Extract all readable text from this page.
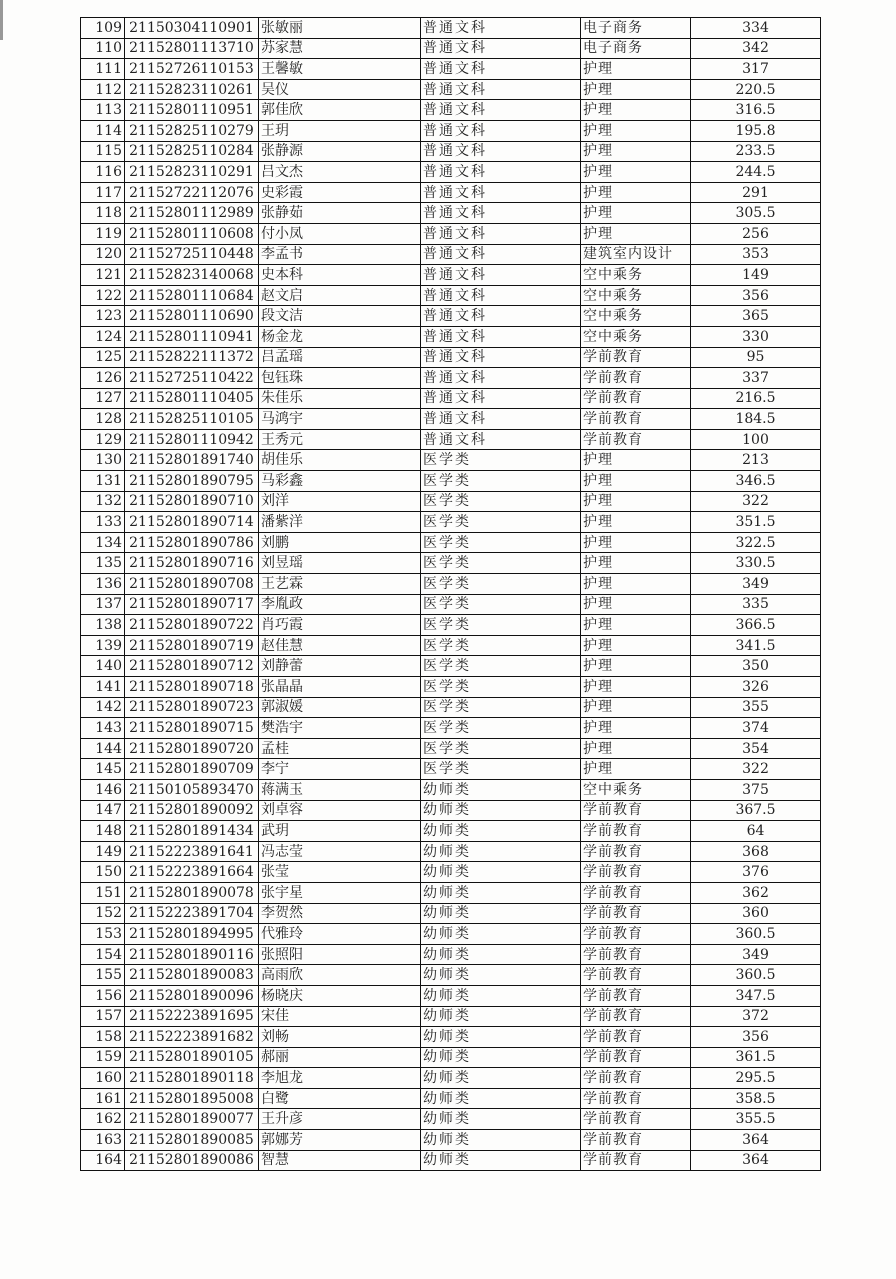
109	21150304110901	张敏丽	普通文科	电子商务	334
110	21152801113710	苏家慧	普通文科	电子商务	342
111	21152726110153	王馨敏	普通文科	护理	317
112	21152823110261	吴仪	普通文科	护理	220.5
113	21152801110951	郭佳欣	普通文科	护理	316.5
114	21152825110279	王玥	普通文科	护理	195.8
115	21152825110284	张静源	普通文科	护理	233.5
116	21152823110291	吕文杰	普通文科	护理	244.5
117	21152722112076	史彩霞	普通文科	护理	291
118	21152801112989	张静茹	普通文科	护理	305.5
119	21152801110608	付小凤	普通文科	护理	256
120	21152725110448	李孟书	普通文科	建筑室内设计	353
121	21152823140068	史本科	普通文科	空中乘务	149
122	21152801110684	赵文启	普通文科	空中乘务	356
123	21152801110690	段文洁	普通文科	空中乘务	365
124	21152801110941	杨金龙	普通文科	空中乘务	330
125	21152822111372	吕孟瑶	普通文科	学前教育	95
126	21152725110422	包钰珠	普通文科	学前教育	337
127	21152801110405	朱佳乐	普通文科	学前教育	216.5
128	21152825110105	马鸿宇	普通文科	学前教育	184.5
129	21152801110942	王秀元	普通文科	学前教育	100
130	21152801891740	胡佳乐	医学类	护理	213
131	21152801890795	马彩鑫	医学类	护理	346.5
132	21152801890710	刘洋	医学类	护理	322
133	21152801890714	潘紫洋	医学类	护理	351.5
134	21152801890786	刘鹏	医学类	护理	322.5
135	21152801890716	刘昱瑶	医学类	护理	330.5
136	21152801890708	王艺霖	医学类	护理	349
137	21152801890717	李胤政	医学类	护理	335
138	21152801890722	肖巧霞	医学类	护理	366.5
139	21152801890719	赵佳慧	医学类	护理	341.5
140	21152801890712	刘静蕾	医学类	护理	350
141	21152801890718	张晶晶	医学类	护理	326
142	21152801890723	郭淑媛	医学类	护理	355
143	21152801890715	樊浩宇	医学类	护理	374
144	21152801890720	孟桂	医学类	护理	354
145	21152801890709	李宁	医学类	护理	322
146	21150105893470	蒋满玉	幼师类	空中乘务	375
147	21152801890092	刘卓容	幼师类	学前教育	367.5
148	21152801891434	武玥	幼师类	学前教育	64
149	21152223891641	冯志莹	幼师类	学前教育	368
150	21152223891664	张莹	幼师类	学前教育	376
151	21152801890078	张宇星	幼师类	学前教育	362
152	21152223891704	李贺然	幼师类	学前教育	360
153	21152801894995	代雅玲	幼师类	学前教育	360.5
154	21152801890116	张照阳	幼师类	学前教育	349
155	21152801890083	高雨欣	幼师类	学前教育	360.5
156	21152801890096	杨晓庆	幼师类	学前教育	347.5
157	21152223891695	宋佳	幼师类	学前教育	372
158	21152223891682	刘畅	幼师类	学前教育	356
159	21152801890105	郝丽	幼师类	学前教育	361.5
160	21152801890118	李旭龙	幼师类	学前教育	295.5
161	21152801895008	白鹭	幼师类	学前教育	358.5
162	21152801890077	王升彦	幼师类	学前教育	355.5
163	21152801890085	郭娜芳	幼师类	学前教育	364
164	21152801890086	智慧	幼师类	学前教育	364
